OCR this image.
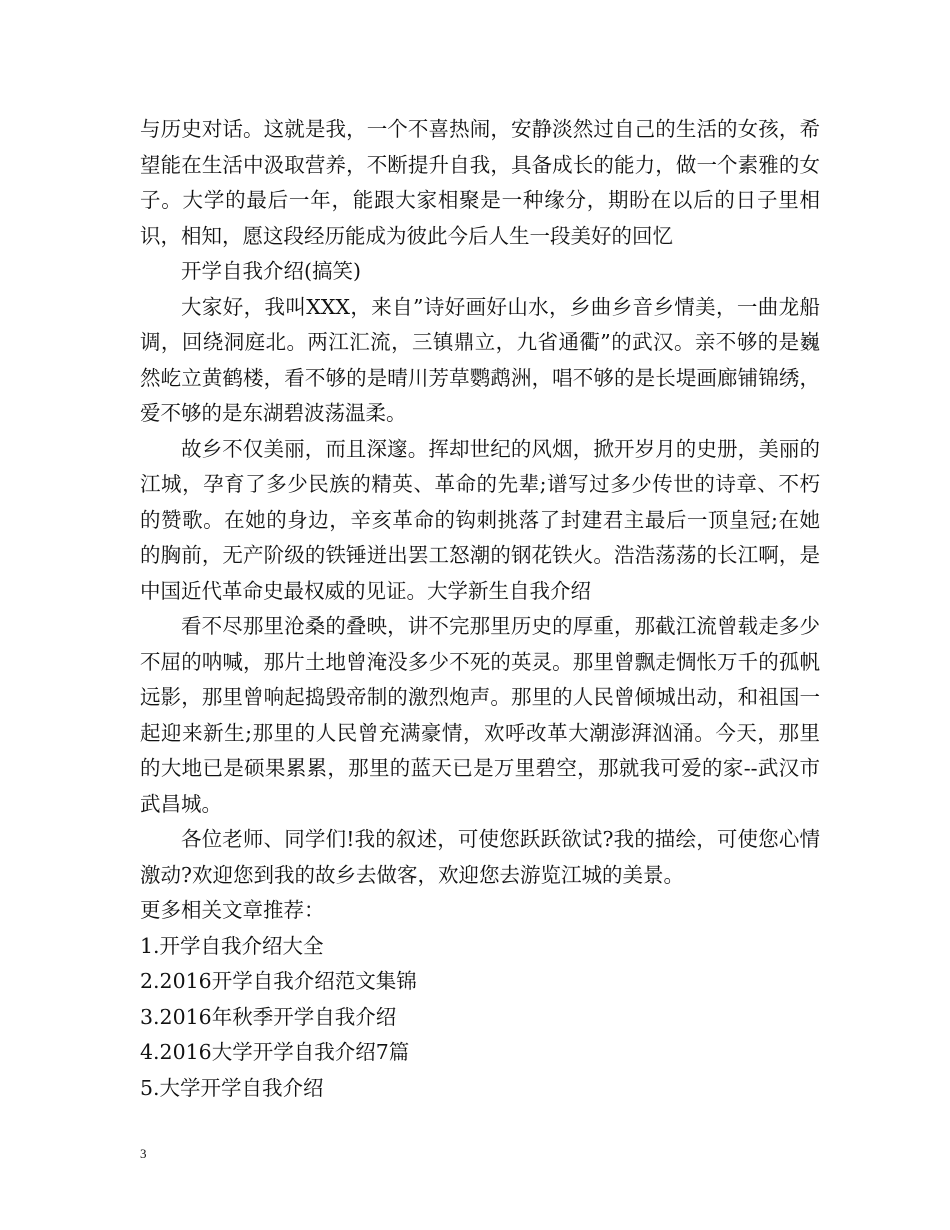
与历史对话。这就是我，一个不喜热闹，安静淡然过自己的生活的女孩，希望能在生活中汲取营养，不断提升自我，具备成长的能力，做一个素雅的女子。大学的最后一年，能跟大家相聚是一种缘分，期盼在以后的日子里相识，相知，愿这段经历能成为彼此今后人生一段美好的回忆

开学自我介绍(搞笑)

大家好，我叫XXX，来自”诗好画好山水，乡曲乡音乡情美，一曲龙船调，回绕洞庭北。两江汇流，三镇鼎立，九省通衢”的武汉。亲不够的是巍然屹立黄鹤楼，看不够的是晴川芳草鹦鹉洲，唱不够的是长堤画廊铺锦绣，爱不够的是东湖碧波荡温柔。

故乡不仅美丽，而且深邃。挥却世纪的风烟，掀开岁月的史册，美丽的江城，孕育了多少民族的精英、革命的先辈;谱写过多少传世的诗章、不朽的赞歌。在她的身边，辛亥革命的钩刺挑落了封建君主最后一顶皇冠;在她的胸前，无产阶级的铁锤迸出罢工怒潮的钢花铁火。浩浩荡荡的长江啊，是中国近代革命史最权威的见证。大学新生自我介绍

看不尽那里沧桑的叠映，讲不完那里历史的厚重，那截江流曾载走多少不屈的呐喊，那片土地曾淹没多少不死的英灵。那里曾飘走惆怅万千的孤帆远影，那里曾响起捣毁帝制的激烈炮声。那里的人民曾倾城出动，和祖国一起迎来新生;那里的人民曾充满豪情，欢呼改革大潮澎湃汹涌。今天，那里的大地已是硕果累累，那里的蓝天已是万里碧空，那就我可爱的家--武汉市武昌城。

各位老师、同学们!我的叙述，可使您跃跃欲试?我的描绘，可使您心情激动?欢迎您到我的故乡去做客，欢迎您去游览江城的美景。

更多相关文章推荐：

1.开学自我介绍大全

2.2016开学自我介绍范文集锦

3.2016年秋季开学自我介绍

4.2016大学开学自我介绍7篇

5.大学开学自我介绍

3
